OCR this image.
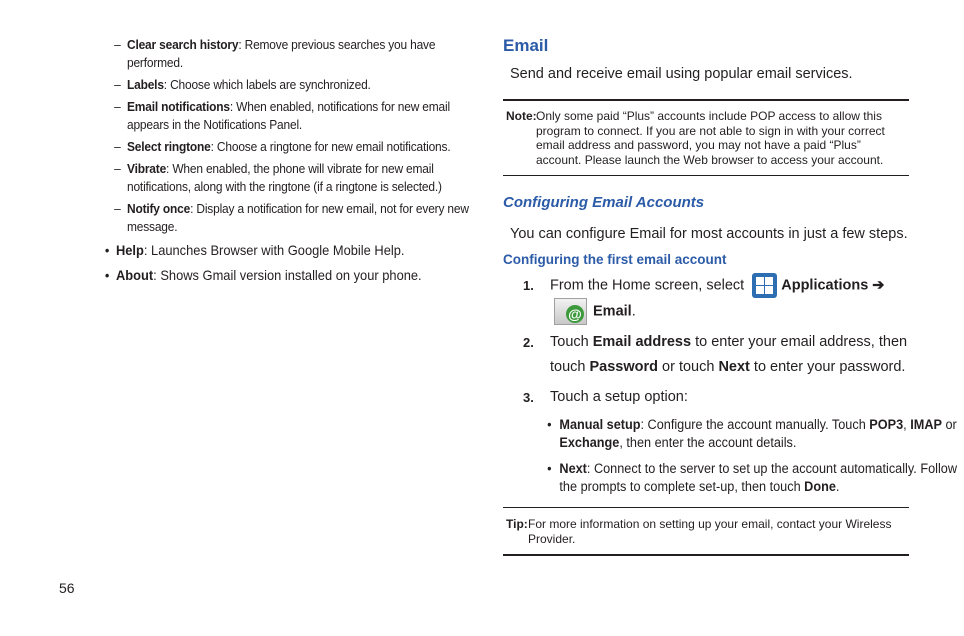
– Clear search history: Remove previous searches you have performed.
– Labels: Choose which labels are synchronized.
– Email notifications: When enabled, notifications for new email appears in the Notifications Panel.
– Select ringtone: Choose a ringtone for new email notifications.
– Vibrate: When enabled, the phone will vibrate for new email notifications, along with the ringtone (if a ringtone is selected.)
– Notify once: Display a notification for new email, not for every new message.
• Help: Launches Browser with Google Mobile Help.
• About: Shows Gmail version installed on your phone.
Email
Send and receive email using popular email services.
Note: Only some paid “Plus” accounts include POP access to allow this program to connect. If you are not able to sign in with your correct email address and password, you may not have a paid “Plus” account. Please launch the Web browser to access your account.
Configuring Email Accounts
You can configure Email for most accounts in just a few steps.
Configuring the first email account
1. From the Home screen, select	Applications ➔

@ Email.
2. Touch Email address to enter your email address, then touch Password or touch Next to enter your password.
3. Touch a setup option:
• Manual setup: Configure the account manually. Touch POP3, IMAP or Exchange, then enter the account details.
• Next: Connect to the server to set up the account automatically. Follow the prompts to complete set-up, then touch Done.
Tip: For more information on setting up your email, contact your Wireless Provider.
56
